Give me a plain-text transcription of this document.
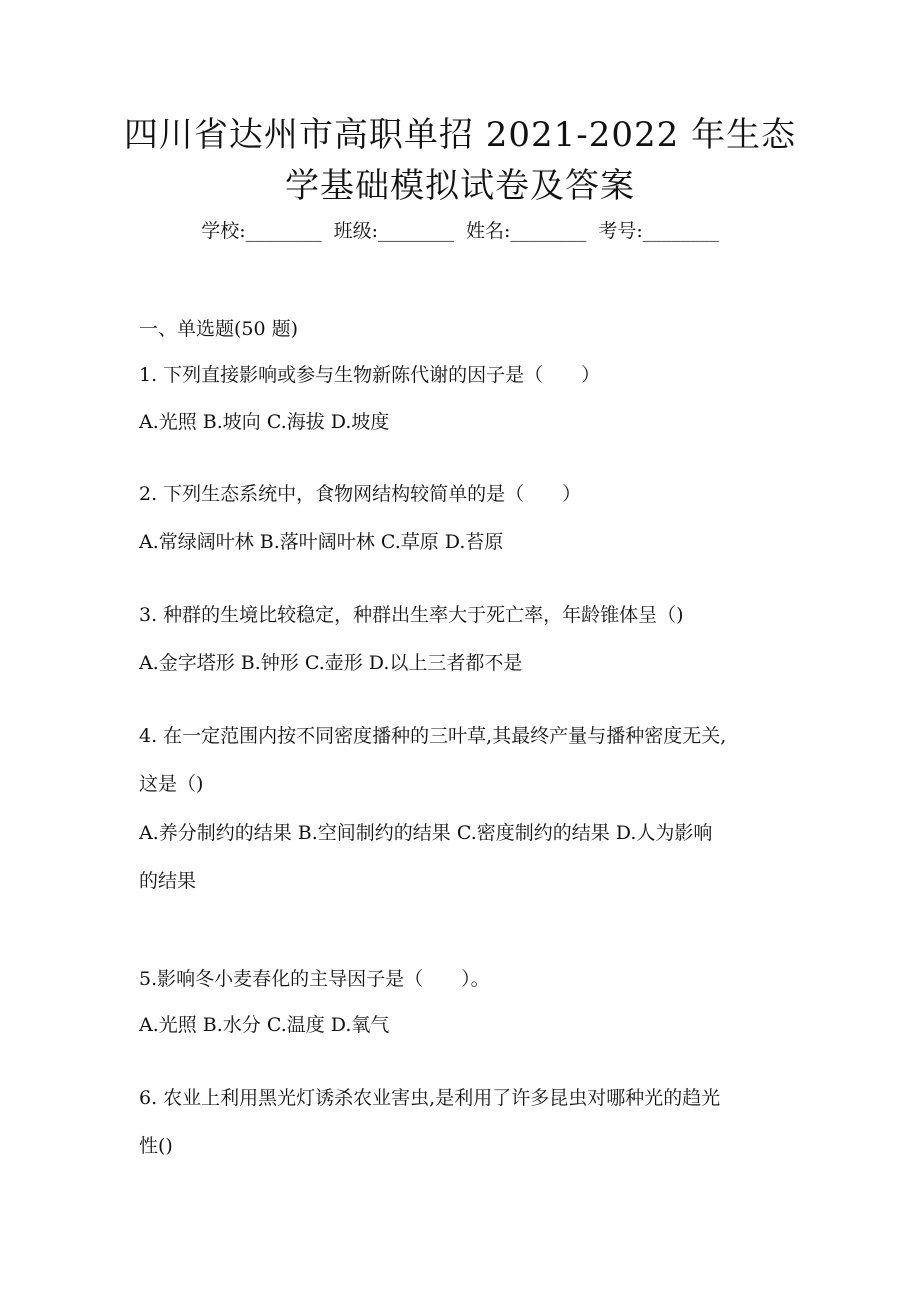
四川省达州市高职单招 2021-2022 年生态
学基础模拟试卷及答案
学校:________ 班级:________ 姓名:________ 考号:________
一、单选题(50 题)
1. 下列直接影响或参与生物新陈代谢的因子是（　　）
A.光照 B.坡向 C.海拔 D.坡度
2. 下列生态系统中，食物网结构较简单的是（　　）
A.常绿阔叶林 B.落叶阔叶林 C.草原 D.苔原
3. 种群的生境比较稳定，种群出生率大于死亡率，年龄锥体呈（)
A.金字塔形 B.钟形 C.壶形 D.以上三者都不是
4. 在一定范围内按不同密度播种的三叶草,其最终产量与播种密度无关,
这是（)
A.养分制约的结果 B.空间制约的结果 C.密度制约的结果 D.人为影响
的结果
5.影响冬小麦春化的主导因子是（　　）。
A.光照 B.水分 C.温度 D.氧气
6. 农业上利用黑光灯诱杀农业害虫,是利用了许多昆虫对哪种光的趋光
性()
